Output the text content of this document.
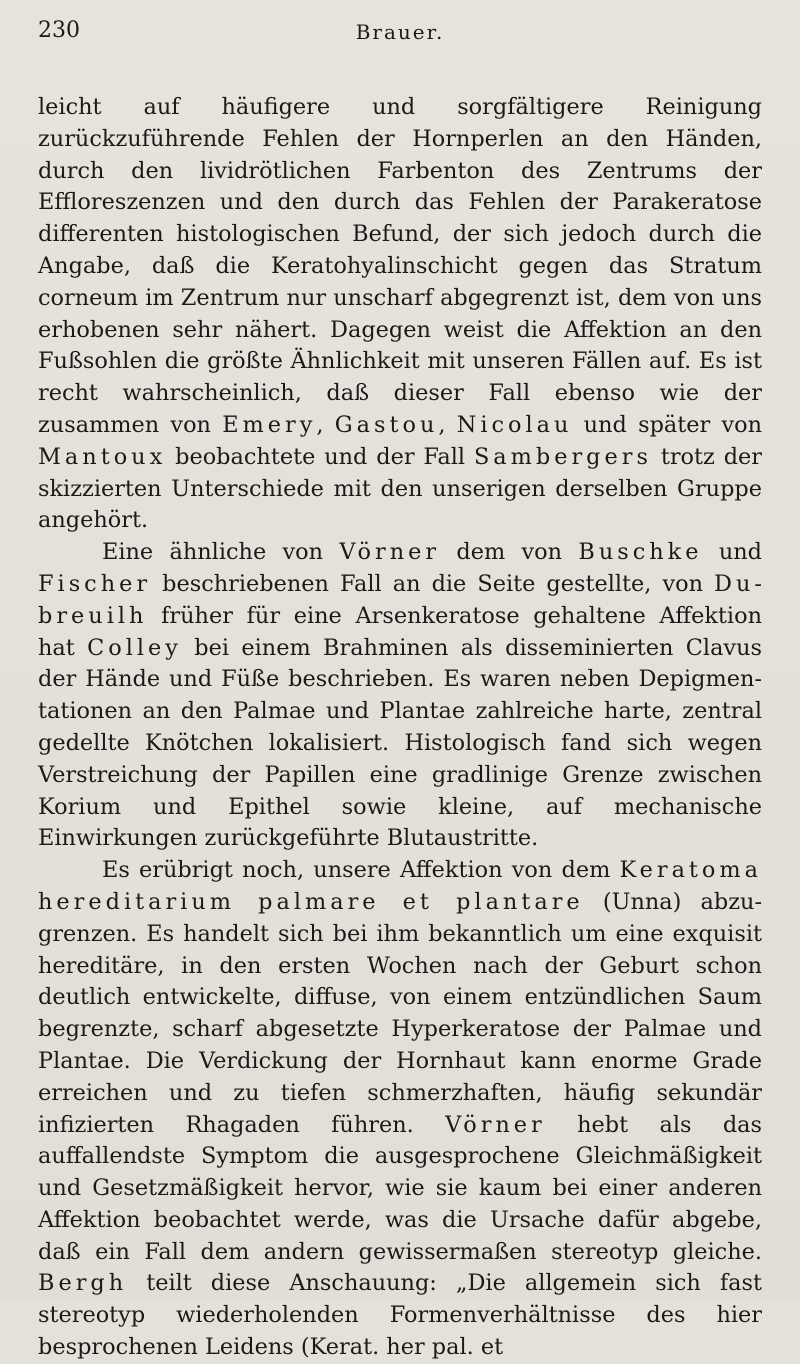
230	Brauer.

leicht auf häufigere und sorgfältigere Reinigung zurückzuführende Fehlen der Hornperlen an den Händen, durch den lividrötlichen Farbenton des Zentrums der Effloreszenzen und den durch das Fehlen der Parakeratose differenten histologischen Befund, der sich jedoch durch die Angabe, daß die Keratohyalinschicht gegen das Stratum corneum im Zentrum nur unscharf abgegrenzt ist, dem von uns erhobenen sehr nähert. Dagegen weist die Affektion an den Fußsohlen die größte Ähnlichkeit mit unseren Fällen auf. Es ist recht wahrscheinlich, daß dieser Fall ebenso wie der zusammen von Emery, Gastou, Nicolau und später von Mantoux beobachtete und der Fall Sambergers trotz der skizzierten Unterschiede mit den unserigen derselben Gruppe angehört.

Eine ähnliche von Vörner dem von Buschke und Fischer beschriebenen Fall an die Seite gestellte, von Dubreuilh früher für eine Arsenkeratose gehaltene Affektion hat Colley bei einem Brahminen als disseminierten Clavus der Hände und Füße beschrieben. Es waren neben Depigmentationen an den Palmae und Plantae zahlreiche harte, zentral gedellte Knötchen lokalisiert. Histologisch fand sich wegen Verstreichung der Papillen eine gradlinige Grenze zwischen Korium und Epithel sowie kleine, auf mechanische Einwirkungen zurückgeführte Blutaustritte.

Es erübrigt noch, unsere Affektion von dem Keratoma hereditarium palmare et plantare (Unna) abzugrenzen. Es handelt sich bei ihm bekanntlich um eine exquisit hereditäre, in den ersten Wochen nach der Geburt schon deutlich entwickelte, diffuse, von einem entzündlichen Saum begrenzte, scharf abgesetzte Hyperkeratose der Palmae und Plantae. Die Verdickung der Hornhaut kann enorme Grade erreichen und zu tiefen schmerzhaften, häufig sekundär infizierten Rhagaden führen. Vörner hebt als das auffallendste Symptom die ausgesprochene Gleichmäßigkeit und Gesetzmäßigkeit hervor, wie sie kaum bei einer anderen Affektion beobachtet werde, was die Ursache dafür abgebe, daß ein Fall dem andern gewissermaßen stereotyp gleiche. Bergh teilt diese Anschauung: „Die allgemein sich fast stereotyp wiederholenden Formenverhältnisse des hier besprochenen Leidens (Kerat. her pal. et
